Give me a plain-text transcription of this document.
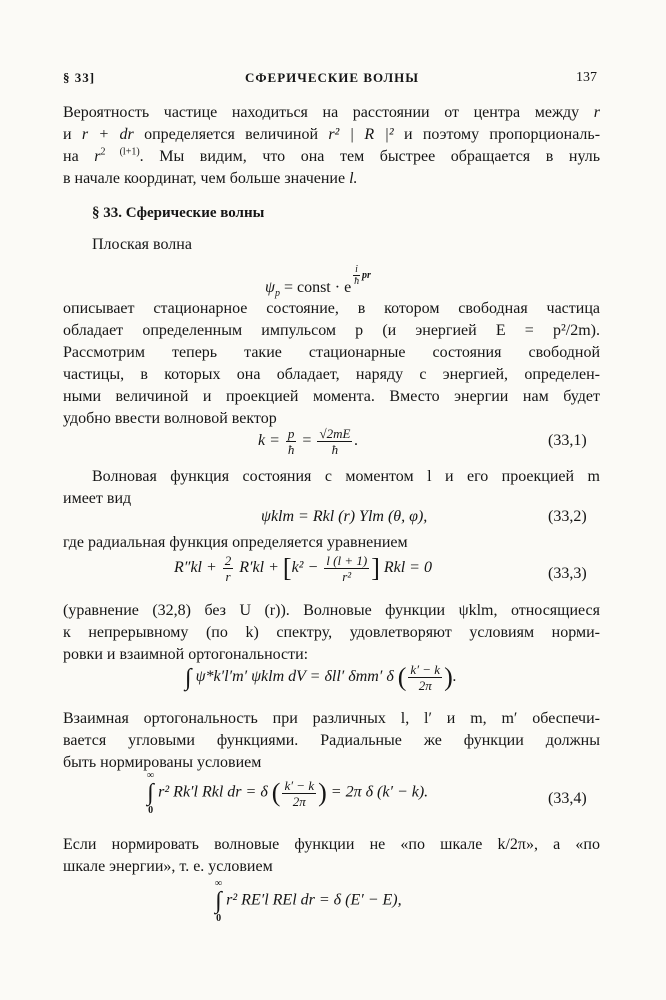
§ 33]	СФЕРИЧЕСКИЕ ВОЛНЫ	137
Вероятность частице находиться на расстоянии от центра между r
и r + dr определяется величиной r² | R |² и поэтому пропорциональ-
на $r^{2 (l+1)}$. Мы видим, что она тем быстрее обращается в нуль
в начале координат, чем больше значение l.
§ 33. Сферические волны
Плоская волна
$\psi_p$ = const · e
$^{\frac{i}{ħ} pr}$
описывает стационарное состояние, в котором свободная частица
обладает определенным импульсом p (и энергией E = p²/2m).
Рассмотрим теперь такие стационарные состояния свободной
частицы, в которых она обладает, наряду с энергией, определен-
ными величиной и проекцией момента. Вместо энергии нам будет
удобно ввести волновой вектор
$k = \frac{p}{ħ} = \frac{√2mE}{ħ}$ .	(33,1)
Волновая функция состояния с моментом l и его проекцией m
имеет вид
ψklm = Rkl (r) Ylm (θ, φ),	(33,2)
где радиальная функция определяется уравнением
$R''kl + \frac{2}{r} R'kl + [k^2 - \frac{l (l + 1)}{\text{r²}}$ ] Rkl = 0	(33,3)
(уравнение (32,8) без U (r)). Волновые функции ψklm, относящиеся
к непрерывному (по k) спектру, удовлетворяют условиям норми-
ровки и взаимной ортогональности:
∫ ψ*k′l′m′ ψklm dV = δll′ δmm′ δ ( $\frac{k' - k}{2\pi}$ ).
Взаимная ортогональность при различных l, l′ и m, m′ обеспечи-
вается угловыми функциями. Радиальные же функции должны
быть нормированы условием
∞
∫
0
r² Rk′l Rkl dr = δ ( $\frac{k' - k}{2\pi}$ ) = 2π δ (k′ − k).	(33,4)
Если нормировать волновые функции не «по шкале k/2π», а «по
шкале энергии», т. е. условием
∞
∫
0
r² RE′l REl dr = δ (E′ − E),
